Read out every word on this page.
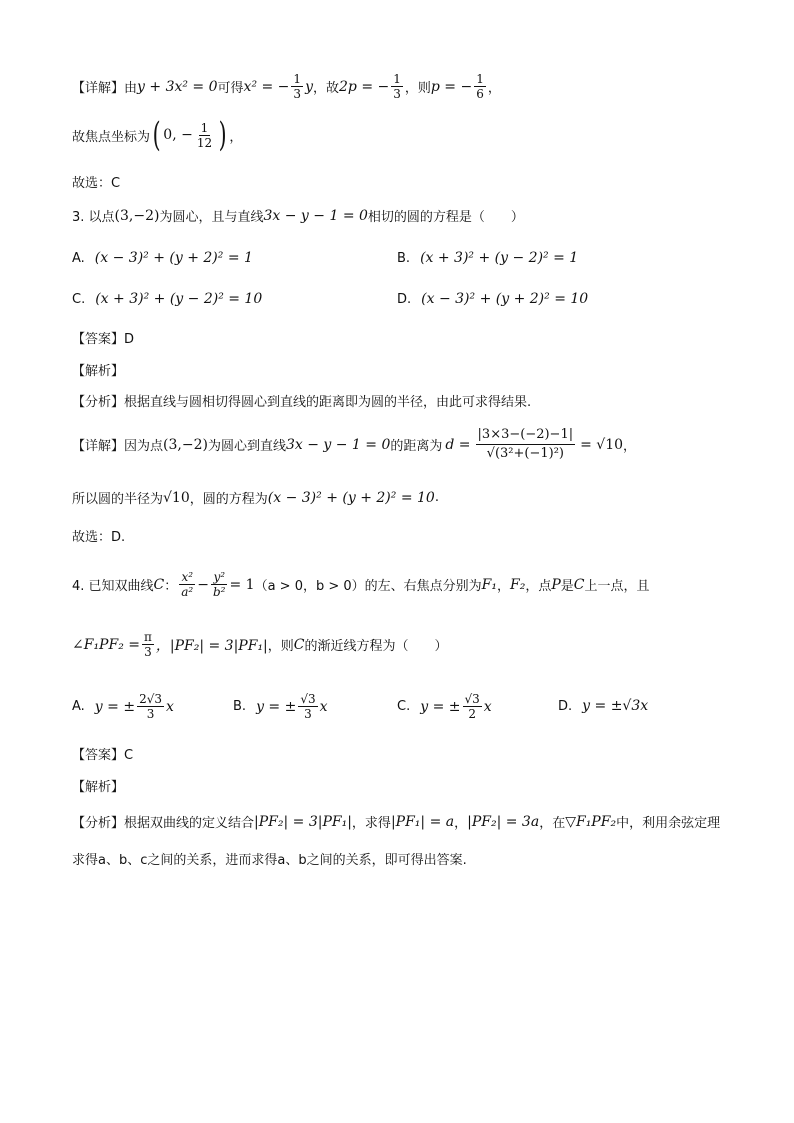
【详解】 由 y + 3x² = 0 可得 x² = − $\frac{1}{3}$ y ，故 2p = − $\frac{1}{3}$ ，则 p = − $\frac{1}{6}$ ，
故焦点坐标为 ( 0, − $\frac{1}{12}$ ) ，
故选：C
3. 以点 (3,−2) 为圆心，且与直线 3x − y − 1 = 0 相切的圆的方程是（　　）
A. (x − 3)² + (y + 2)² = 1	B. (x + 3)² + (y − 2)² = 1
C. (x + 3)² + (y − 2)² = 10	D. (x − 3)² + (y + 2)² = 10
【答案】D
【解析】
【分析】根据直线与圆相切得圆心到直线的距离即为圆的半径，由此可求得结果.
【详解】因为点 (3,−2) 为圆心到直线 3x − y − 1 = 0 的距离为 $d = \frac{|3\times 3-(-2)-1|}{\text{√(3²+(−1)²)}} = √10$ ，
所以圆的半径为 √10 ，圆的方程为 (x − 3)² + (y + 2)² = 10 .
故选：D.
4. 已知双曲线 C ： $\frac{\text{x²}}{\text{a²}} - \frac{\text{y²}}{\text{b²}} = 1$ （a > 0，b > 0） 的左、右焦点分别为 F₁ ， F₂ ，点 P 是 C 上一点，且
∠F₁PF₂ = $\frac{\pi}{3}$ ，|PF₂| = 3|PF₁| ，则 C 的渐近线方程为（　　）
A. y = ± $\frac{2√3}{3}$ x	B. y = ± $\frac{√3}{3}$ x	C. y = ± $\frac{√3}{2}$ x	D. y = ±√3x
【答案】C
【解析】
【分析】根据双曲线的定义结合 |PF₂| = 3|PF₁| ，求得 |PF₁| = a ， |PF₂| = 3a ，在 ▽F₁PF₂ 中，利用余弦定理
求得a、b、c之间的关系，进而求得a、b之间的关系，即可得出答案.
